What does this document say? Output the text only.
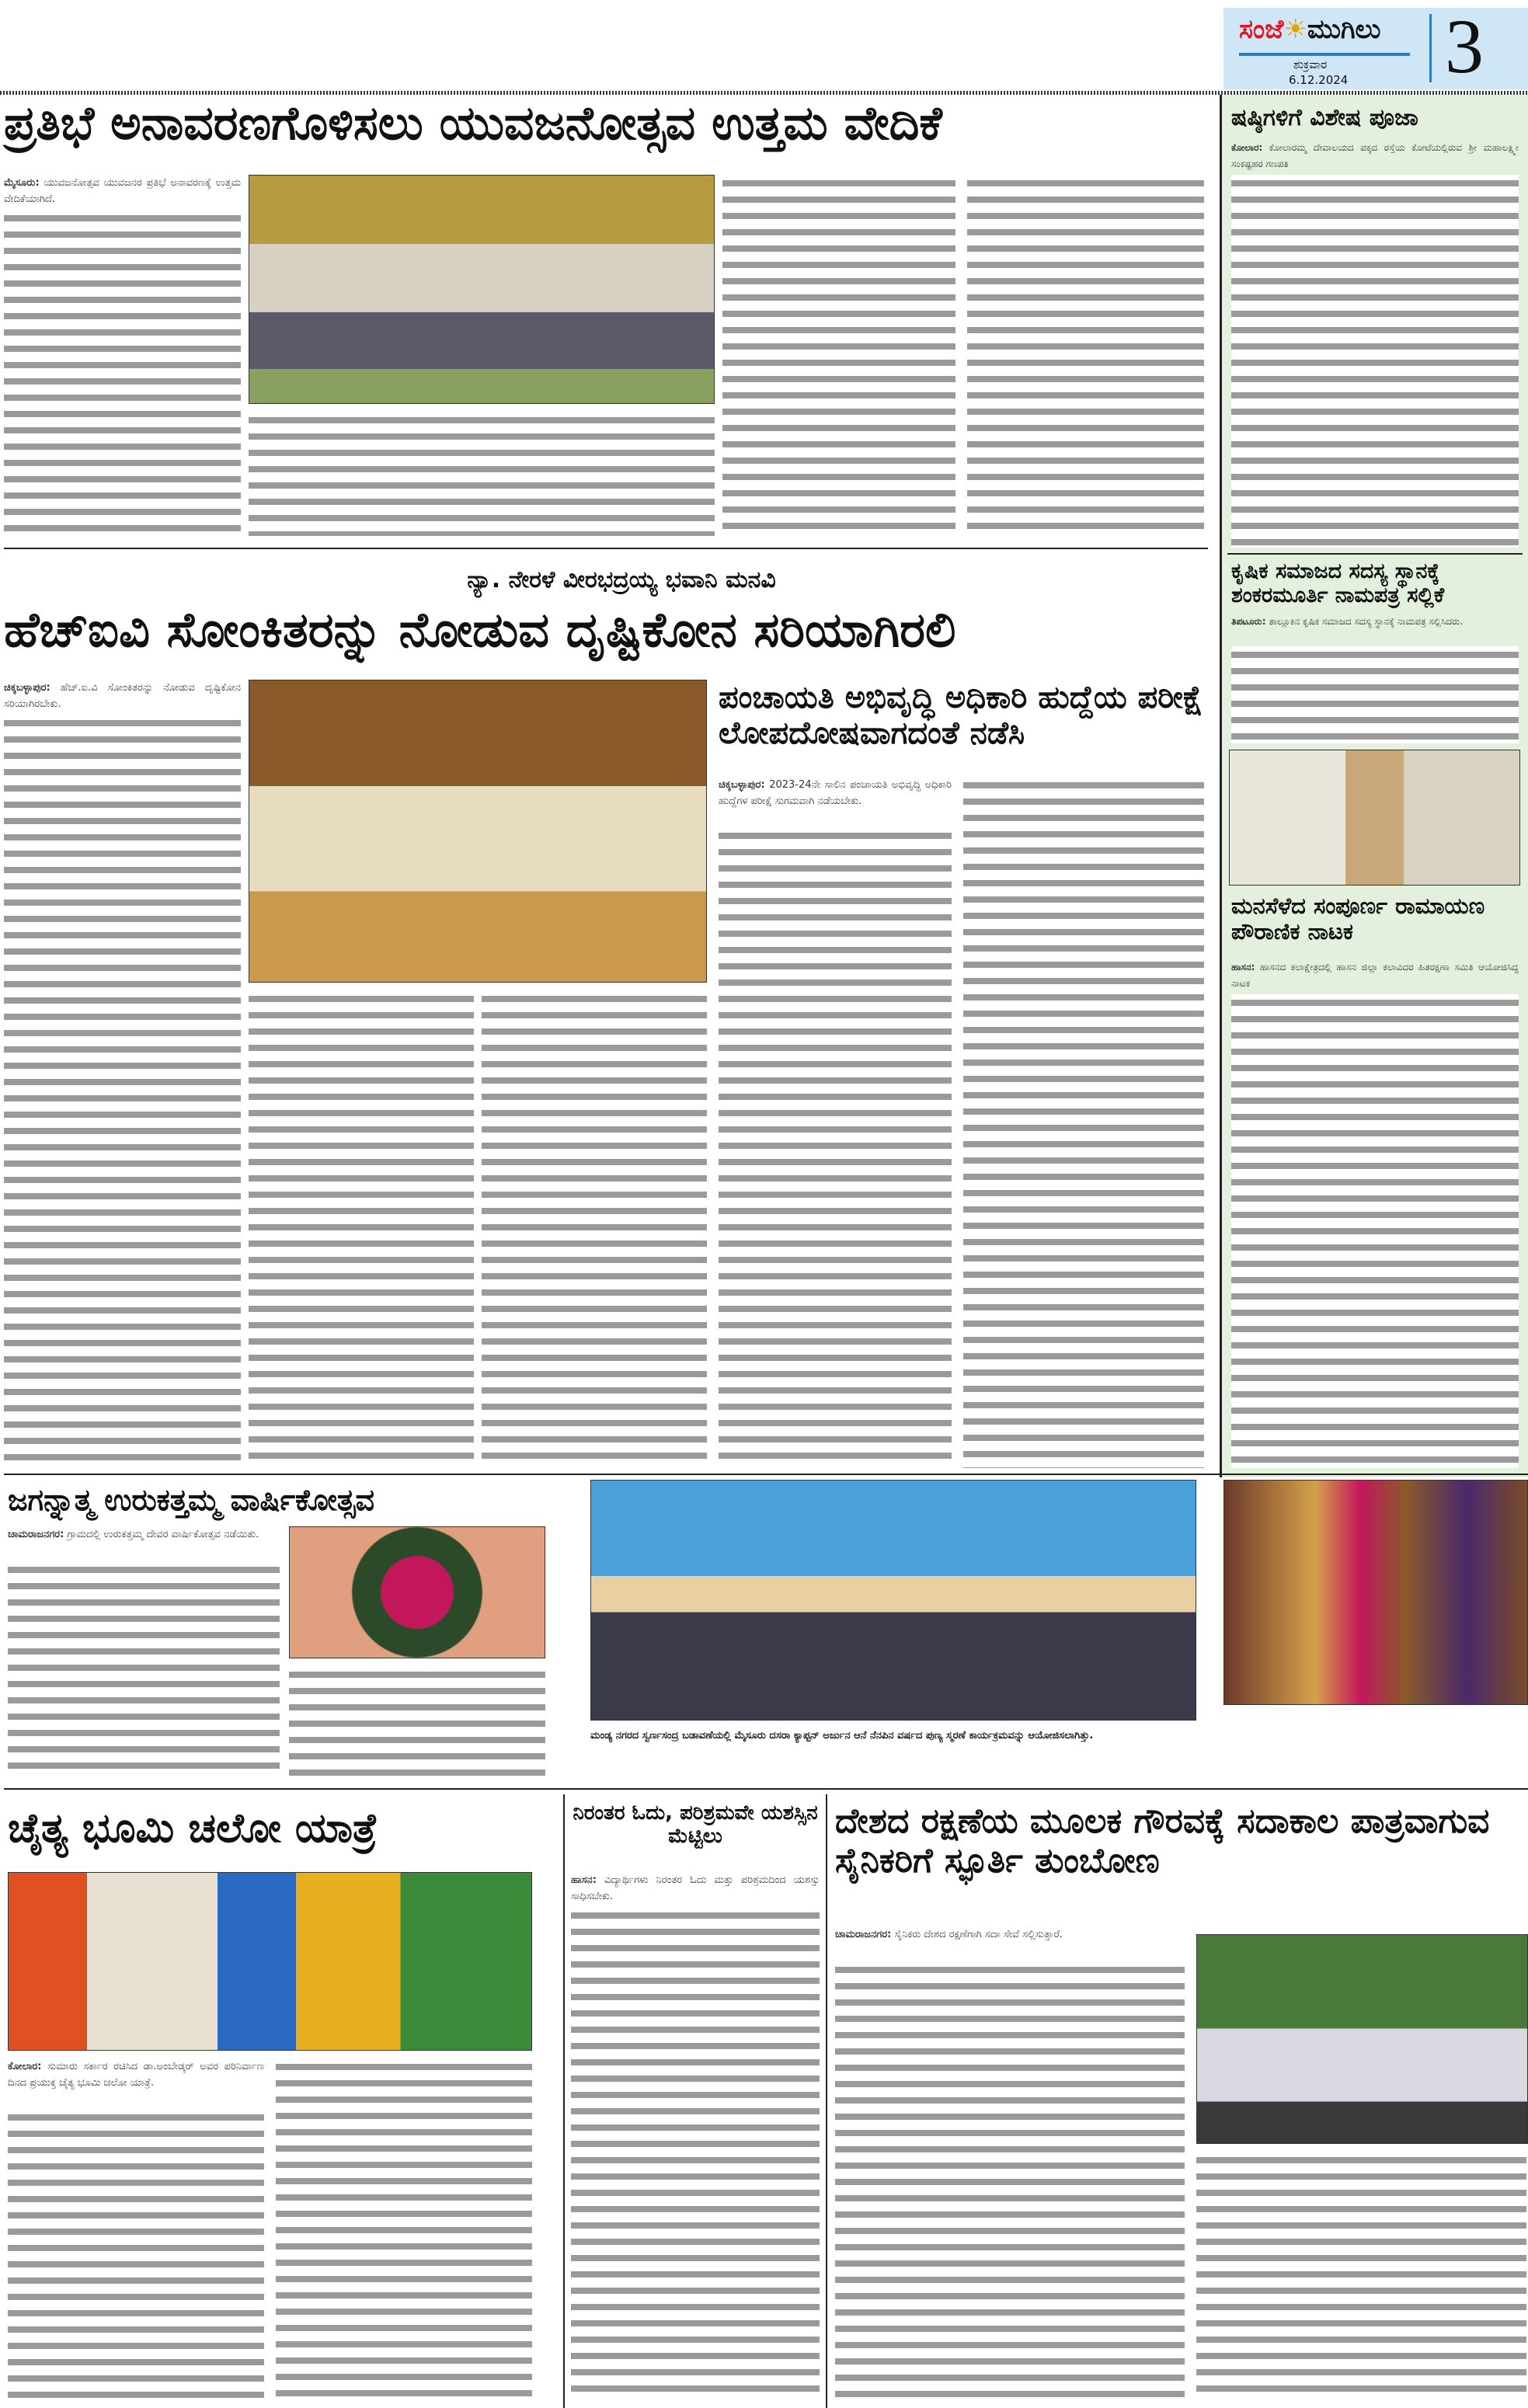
ಸಂಜೆ☀ಮುಗಿಲು
ಶುಕ್ರವಾರ
6.12.2024 3
ಷಷ್ಠಿಗಳಿಗೆ ವಿಶೇಷ ಪೂಜಾ
ಕೋಲಾರ: ಕೋಲಾರಮ್ಮ ದೇವಾಲಯದ ಪಕ್ಕದ ರಸ್ತೆಯ ಕೋಟೆಯಲ್ಲಿರುವ ಶ್ರೀ ಮಹಾಲಕ್ಷ್ಮೀ ಸಂಕಷ್ಟಹರ ಗಣಪತಿ
ಕೃಷಿಕ ಸಮಾಜದ ಸದಸ್ಯ ಸ್ಥಾನಕ್ಕೆ ಶಂಕರಮೂರ್ತಿ ನಾಮಪತ್ರ ಸಲ್ಲಿಕೆ
ತಿಪಟೂರು: ತಾಲ್ಲೂಕಿನ ಕೃಷಿಕ ಸಮಾಜದ ಸದಸ್ಯ ಸ್ಥಾನಕ್ಕೆ ನಾಮಪತ್ರ ಸಲ್ಲಿಸಿದರು.
ಮನಸೆಳೆದ ಸಂಪೂರ್ಣ ರಾಮಾಯಣ ಪೌರಾಣಿಕ ನಾಟಕ
ಹಾಸನ: ಹಾಸನದ ಕಲಾಕ್ಷೇತ್ರದಲ್ಲಿ ಹಾಸನ ಜಿಲ್ಲಾ ಕಲಾವಿದರ ಹಿತರಕ್ಷಣಾ ಸಮಿತಿ ಆಯೋಜಿಸಿದ್ದ ನಾಟಕ
ಪ್ರತಿಭೆ ಅನಾವರಣಗೊಳಿಸಲು ಯುವಜನೋತ್ಸವ ಉತ್ತಮ ವೇದಿಕೆ
ಮೈಸೂರು: ಯುವಜನೋತ್ಸವ ಯುವಜನರ ಪ್ರತಿಭೆ ಅನಾವರಣಕ್ಕೆ ಉತ್ತಮ ವೇದಿಕೆಯಾಗಿದೆ.
ನ್ಯಾ. ನೇರಳೆ ವೀರಭದ್ರಯ್ಯ ಭವಾನಿ ಮನವಿ
ಹೆಚ್‌ಐವಿ ಸೋಂಕಿತರನ್ನು ನೋಡುವ ದೃಷ್ಟಿಕೋನ ಸರಿಯಾಗಿರಲಿ
ಚಿಕ್ಕಬಳ್ಳಾಪುರ: ಹೆಚ್.ಐ.ವಿ ಸೋಂಕಿತರನ್ನು ನೋಡುವ ದೃಷ್ಟಿಕೋನ ಸರಿಯಾಗಿರಬೇಕು.	ಪಂಚಾಯತಿ ಅಭಿವೃದ್ಧಿ ಅಧಿಕಾರಿ ಹುದ್ದೆಯ ಪರೀಕ್ಷೆ ಲೋಪದೋಷವಾಗದಂತೆ ನಡೆಸಿ
ಚಿಕ್ಕಬಳ್ಳಾಪುರ: 2023-24ನೇ ಸಾಲಿನ ಪಂಚಾಯತಿ ಅಭಿವೃದ್ಧಿ ಅಧಿಕಾರಿ ಹುದ್ದೆಗಳ ಪರೀಕ್ಷೆ ಸುಗಮವಾಗಿ ನಡೆಯಬೇಕು.
ಜಗನ್ನಾತ್ಮ ಉರುಕತ್ತಮ್ಮ ವಾರ್ಷಿಕೋತ್ಸವ
ಚಾಮರಾಜನಗರ: ಗ್ರಾಮದಲ್ಲಿ ಉರುಕತ್ತಮ್ಮ ದೇವರ ವಾರ್ಷಿಕೋತ್ಸವ ನಡೆಯಿತು.
ಮಂಡ್ಯ ನಗರದ ಸ್ವರ್ಣಸಂದ್ರ ಬಡಾವಣೆಯಲ್ಲಿ ಮೈಸೂರು ದಸರಾ ಕ್ಯಾಪ್ಟನ್ ಅರ್ಜುನ ಆನೆ ನೆನಪಿನ ವರ್ಷದ ಪುಣ್ಯ ಸ್ಮರಣೆ ಕಾರ್ಯಕ್ರಮವನ್ನು ಆಯೋಜಿಸಲಾಗಿತ್ತು.
ಚೈತ್ಯ ಭೂಮಿ ಚಲೋ ಯಾತ್ರೆ
ಕೋಲಾರ: ಸುಮಾರು ಸರ್ಕಾರ ರಚಿಸಿದ ಡಾ.ಅಂಬೇಡ್ಕರ್ ಅವರ ಪರಿನಿರ್ವಾಣ ದಿನದ ಪ್ರಯುಕ್ತ ಚೈತ್ಯ ಭೂಮಿ ಚಲೋ ಯಾತ್ರೆ.
ನಿರಂತರ ಓದು, ಪರಿಶ್ರಮವೇ ಯಶಸ್ಸಿನ ಮೆಟ್ಟಿಲು
ಹಾಸನ: ವಿದ್ಯಾರ್ಥಿಗಳು ನಿರಂತರ ಓದು ಮತ್ತು ಪರಿಶ್ರಮದಿಂದ ಯಶಸ್ಸು ಸಾಧಿಸಬೇಕು.
ದೇಶದ ರಕ್ಷಣೆಯ ಮೂಲಕ ಗೌರವಕ್ಕೆ ಸದಾಕಾಲ ಪಾತ್ರವಾಗುವ ಸೈನಿಕರಿಗೆ ಸ್ಫೂರ್ತಿ ತುಂಬೋಣ
ಚಾಮರಾಜನಗರ: ಸೈನಿಕರು ದೇಶದ ರಕ್ಷಣೆಗಾಗಿ ಸದಾ ಸೇವೆ ಸಲ್ಲಿಸುತ್ತಾರೆ.
